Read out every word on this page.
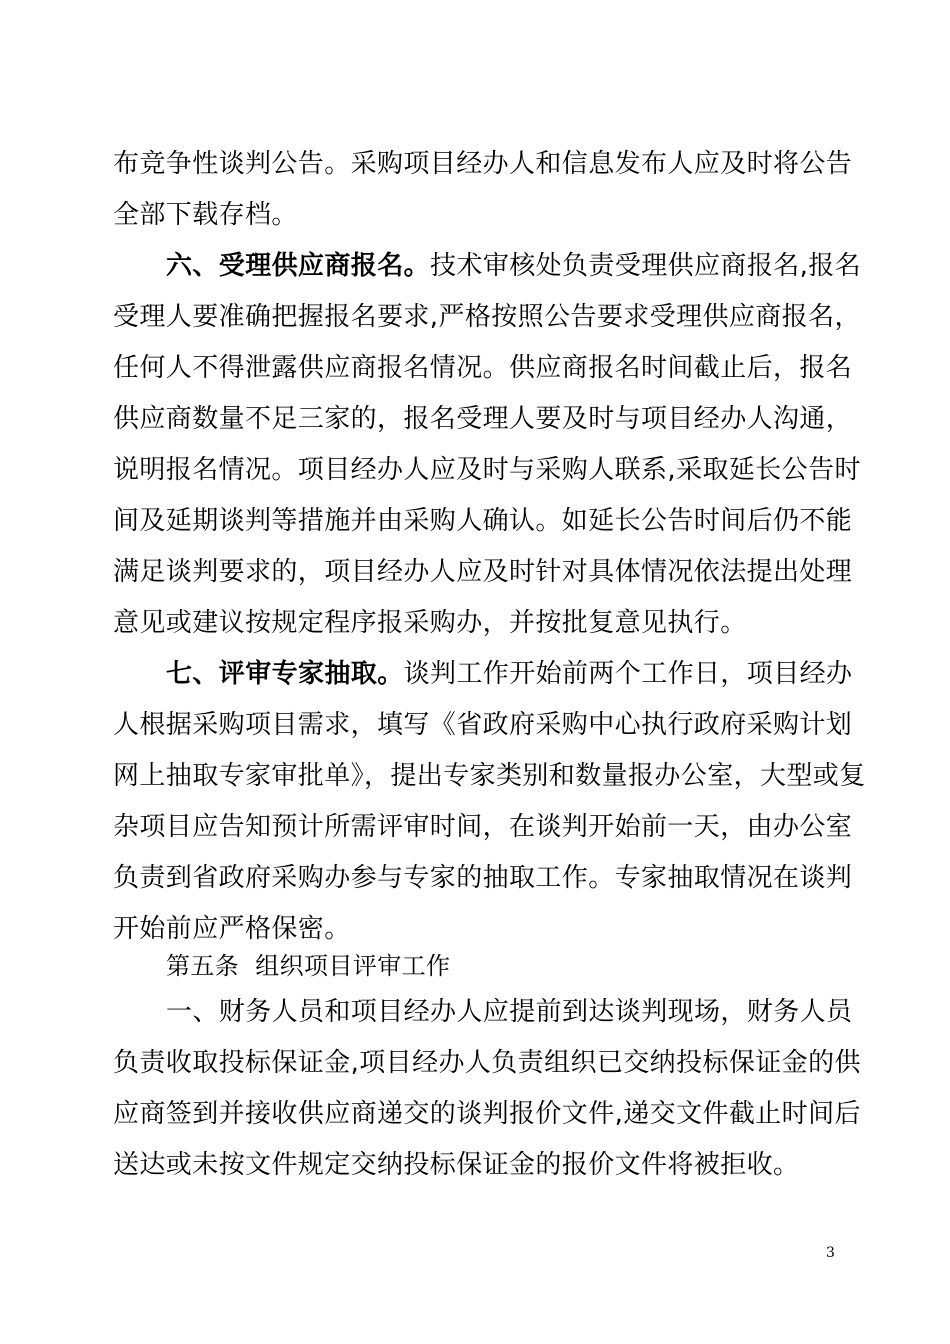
布竞争性谈判公告。采购项目经办人和信息发布人应及时将公告
全部下载存档。
六、受理供应商报名。技术审核处负责受理供应商报名,报名
受理人要准确把握报名要求,严格按照公告要求受理供应商报名，
任何人不得泄露供应商报名情况。供应商报名时间截止后，报名
供应商数量不足三家的，报名受理人要及时与项目经办人沟通，
说明报名情况。项目经办人应及时与采购人联系,采取延长公告时
间及延期谈判等措施并由采购人确认。如延长公告时间后仍不能
满足谈判要求的，项目经办人应及时针对具体情况依法提出处理
意见或建议按规定程序报采购办，并按批复意见执行。
七、评审专家抽取。谈判工作开始前两个工作日，项目经办
人根据采购项目需求，填写《省政府采购中心执行政府采购计划
网上抽取专家审批单》，提出专家类别和数量报办公室，大型或复
杂项目应告知预计所需评审时间，在谈判开始前一天，由办公室
负责到省政府采购办参与专家的抽取工作。专家抽取情况在谈判
开始前应严格保密。
第五条  组织项目评审工作
一、财务人员和项目经办人应提前到达谈判现场，财务人员
负责收取投标保证金,项目经办人负责组织已交纳投标保证金的供
应商签到并接收供应商递交的谈判报价文件,递交文件截止时间后
送达或未按文件规定交纳投标保证金的报价文件将被拒收。
3
